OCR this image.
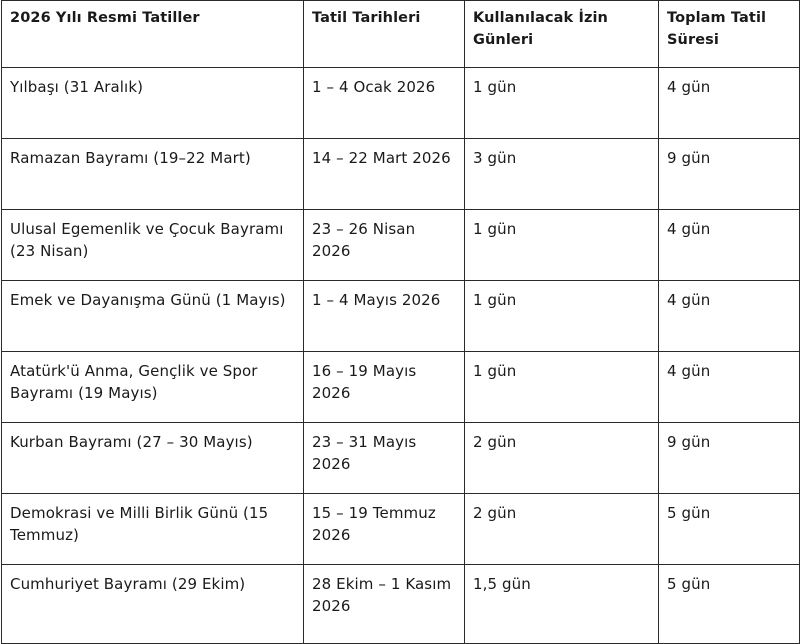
2026 Yılı Resmi Tatiller	Tatil Tarihleri	Kullanılacak İzin Günleri	Toplam Tatil Süresi
Yılbaşı (31 Aralık)	1 – 4 Ocak 2026	1 gün	4 gün
Ramazan Bayramı (19–22 Mart)	14 – 22 Mart 2026	3 gün	9 gün
Ulusal Egemenlik ve Çocuk Bayramı (23 Nisan)	23 – 26 Nisan 2026	1 gün	4 gün
Emek ve Dayanışma Günü (1 Mayıs)	1 – 4 Mayıs 2026	1 gün	4 gün
Atatürk'ü Anma, Gençlik ve Spor Bayramı (19 Mayıs)	16 – 19 Mayıs 2026	1 gün	4 gün
Kurban Bayramı (27 – 30 Mayıs)	23 – 31 Mayıs 2026	2 gün	9 gün
Demokrasi ve Milli Birlik Günü (15 Temmuz)	15 – 19 Temmuz 2026	2 gün	5 gün
Cumhuriyet Bayramı (29 Ekim)	28 Ekim – 1 Kasım 2026	1,5 gün	5 gün
